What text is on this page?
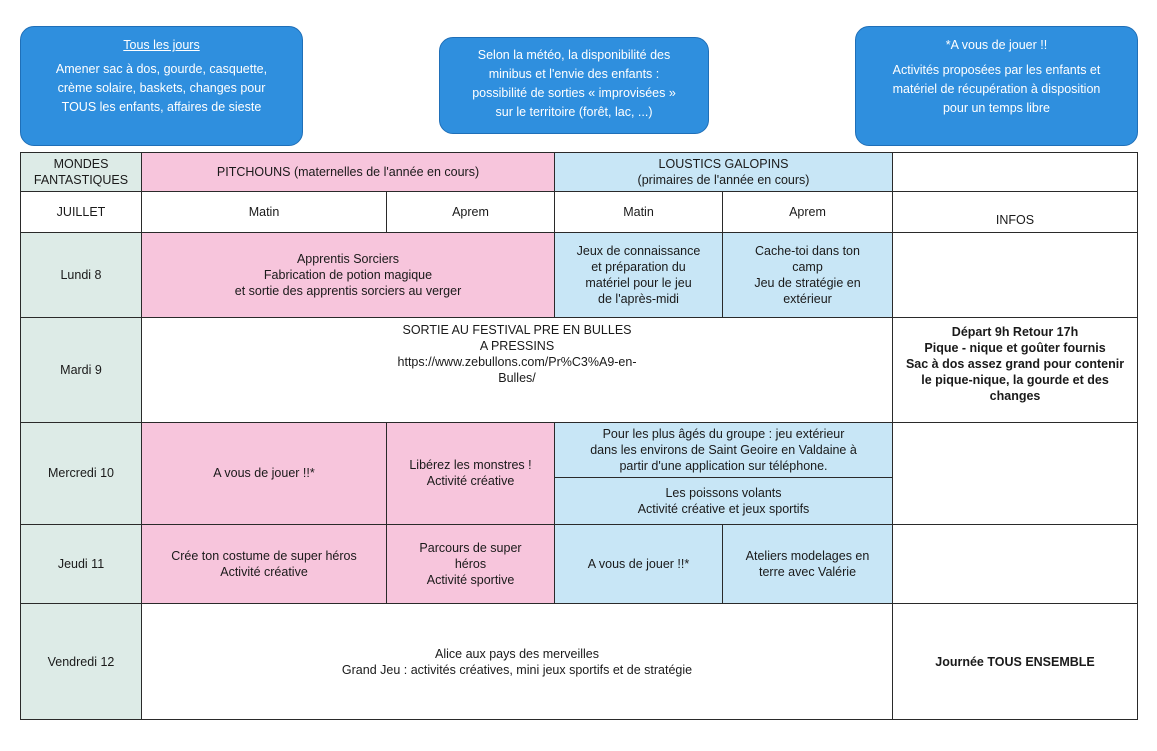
Tous les jours

Amener sac à dos, gourde, casquette,

crème solaire, baskets, changes pour

TOUS les enfants, affaires de sieste

Selon la météo, la disponibilité des

minibus et l'envie des enfants :

possibilité de sorties « improvisées »

sur le territoire (forêt, lac, ...)

*A vous de jouer !!

Activités proposées par les enfants et

matériel de récupération à disposition

pour un temps libre

MONDES
FANTASTIQUES	PITCHOUNS (maternelles de l'année en cours)		LOUSTICS GALOPINS
(primaires de l'année en cours)		

JUILLET	Matin	Aprem	Matin	Aprem	INFOS
Lundi 8	Apprentis Sorciers
Fabrication de potion magique
et sortie des apprentis sorciers au verger		Jeux de connaissance
et préparation du
matériel pour le jeu
de l'après-midi	Cache-toi dans ton
camp
Jeu de stratégie en
extérieur	

Mardi 9	SORTIE AU FESTIVAL PRE EN BULLES
A PRESSINS
https://www.zebullons.com/Pr%C3%A9-en-
Bulles/				Départ 9h Retour 17h
Pique - nique et goûter fournis
Sac à dos assez grand pour contenir
le pique-nique, la gourde et des
changes

Mercredi 10	A vous de jouer !!*	Libérez les monstres !
Activité créative	Pour les plus âgés du groupe : jeu extérieur
dans les environs de Saint Geoire en Valdaine à
partir d'une application sur téléphone.		

			Les poissons volants
Activité créative et jeux sportifs		

Jeudi 11	Crée ton costume de super héros
Activité créative	Parcours de super
héros
Activité sportive	A vous de jouer !!*	Ateliers modelages en
terre avec Valérie	

Vendredi 12	Alice aux pays des merveilles
Grand Jeu : activités créatives, mini jeux sportifs et de stratégie				Journée TOUS ENSEMBLE
